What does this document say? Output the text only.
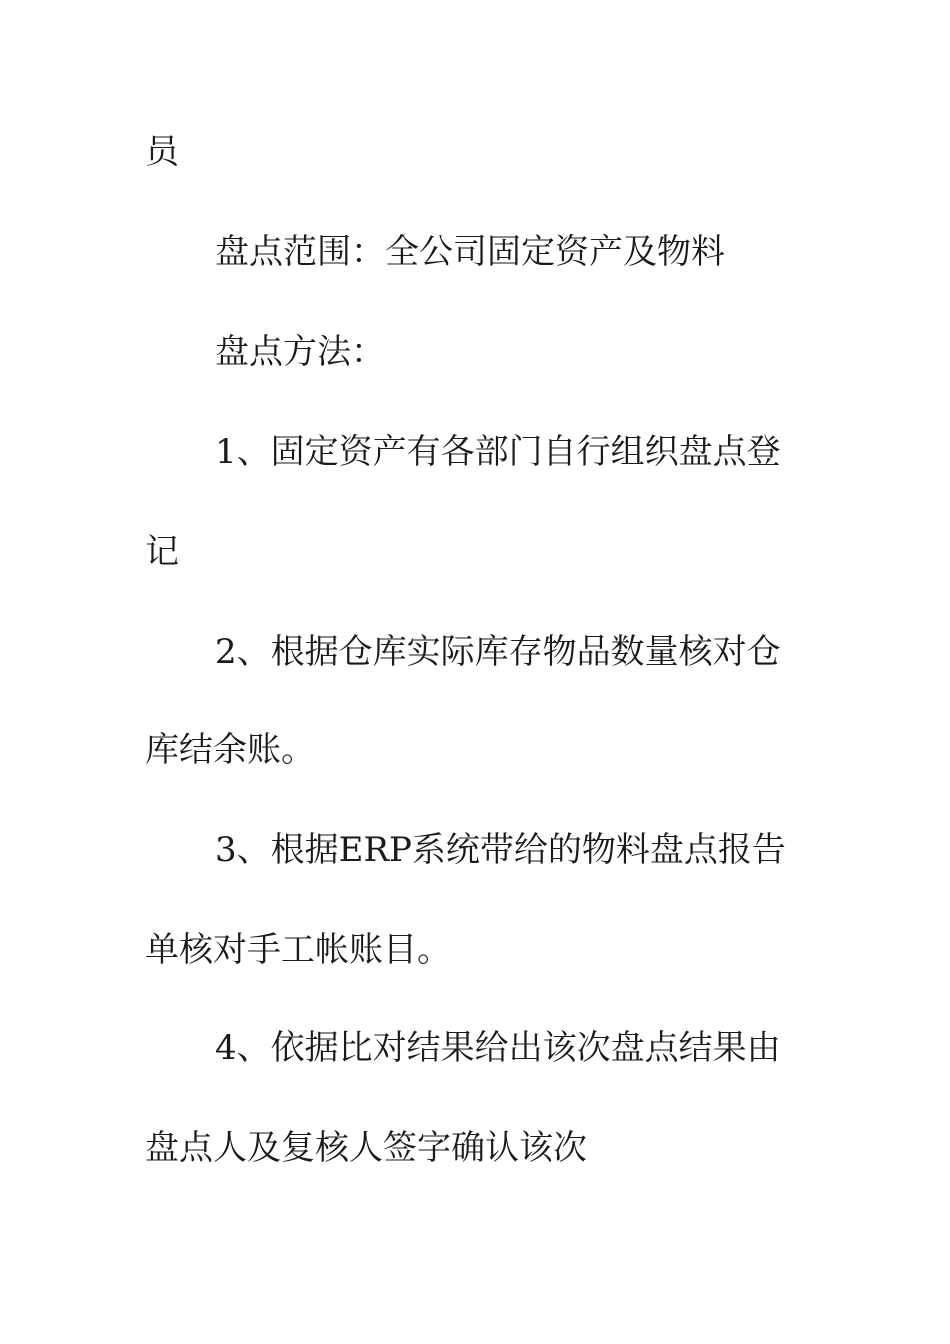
员

盘点范围：全公司固定资产及物料

盘点方法：

1、固定资产有各部门自行组织盘点登

记

2、根据仓库实际库存物品数量核对仓

库结余账。

3、根据ERP系统带给的物料盘点报告

单核对手工帐账目。

4、依据比对结果给出该次盘点结果由

盘点人及复核人签字确认该次
